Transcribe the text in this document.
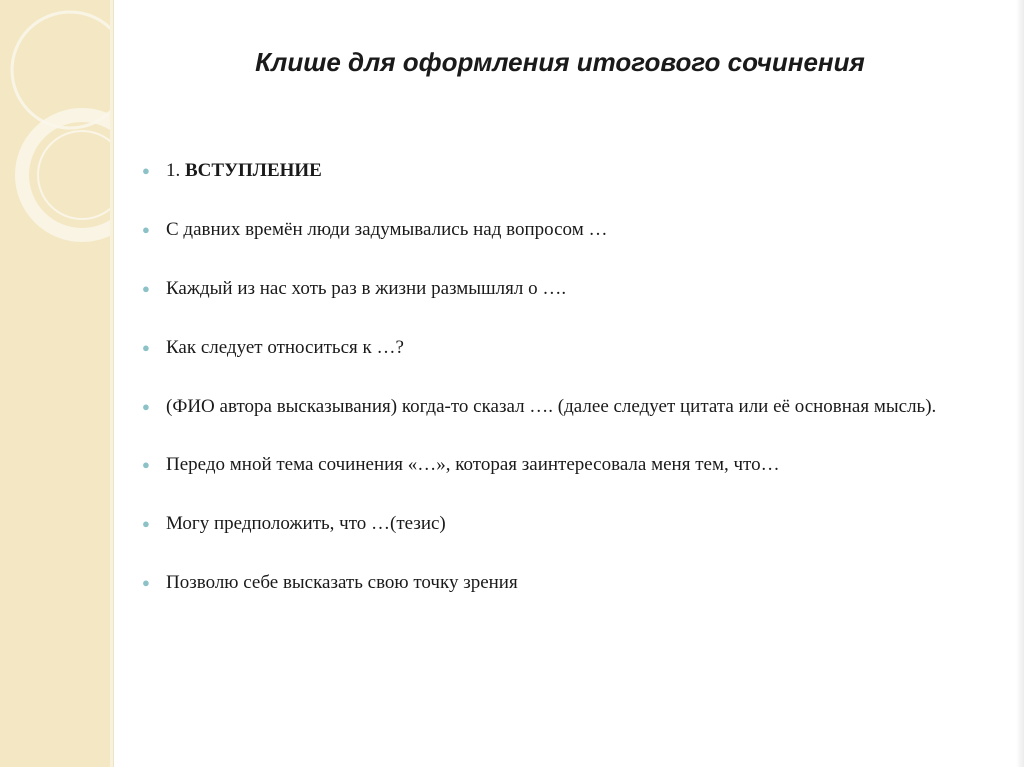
Клише для оформления итогового сочинения
● 1. ВСТУПЛЕНИЕ
● С давних времён люди задумывались над вопросом …
● Каждый из нас хоть раз в жизни размышлял о ….
● Как следует относиться к …?
● (ФИО автора высказывания) когда-то сказал …. (далее следует цитата или её основная мысль).
● Передо мной тема сочинения «…», которая заинтересовала меня тем, что…
● Могу предположить, что …(тезис)
● Позволю себе высказать свою точку зрения
